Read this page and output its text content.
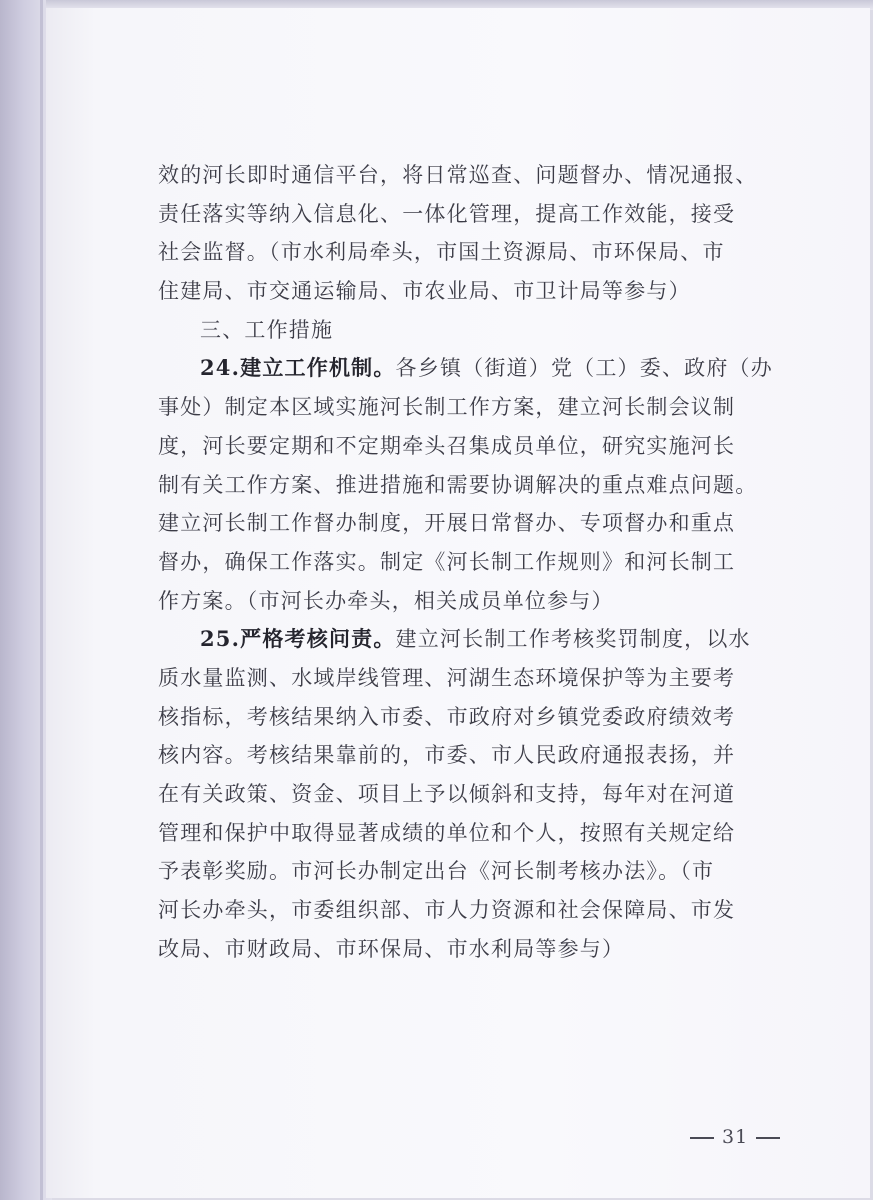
效的河长即时通信平台，将日常巡查、问题督办、情况通报、
责任落实等纳入信息化、一体化管理，提高工作效能，接受
社会监督。（市水利局牵头，市国土资源局、市环保局、市
住建局、市交通运输局、市农业局、市卫计局等参与）
三、工作措施
24.建立工作机制。各乡镇（街道）党（工）委、政府（办
事处）制定本区域实施河长制工作方案，建立河长制会议制
度，河长要定期和不定期牵头召集成员单位，研究实施河长
制有关工作方案、推进措施和需要协调解决的重点难点问题。
建立河长制工作督办制度，开展日常督办、专项督办和重点
督办，确保工作落实。制定《河长制工作规则》和河长制工
作方案。（市河长办牵头，相关成员单位参与）
25.严格考核问责。建立河长制工作考核奖罚制度，以水
质水量监测、水域岸线管理、河湖生态环境保护等为主要考
核指标，考核结果纳入市委、市政府对乡镇党委政府绩效考
核内容。考核结果靠前的，市委、市人民政府通报表扬，并
在有关政策、资金、项目上予以倾斜和支持，每年对在河道
管理和保护中取得显著成绩的单位和个人，按照有关规定给
予表彰奖励。市河长办制定出台《河长制考核办法》。（市
河长办牵头，市委组织部、市人力资源和社会保障局、市发
改局、市财政局、市环保局、市水利局等参与）
31
